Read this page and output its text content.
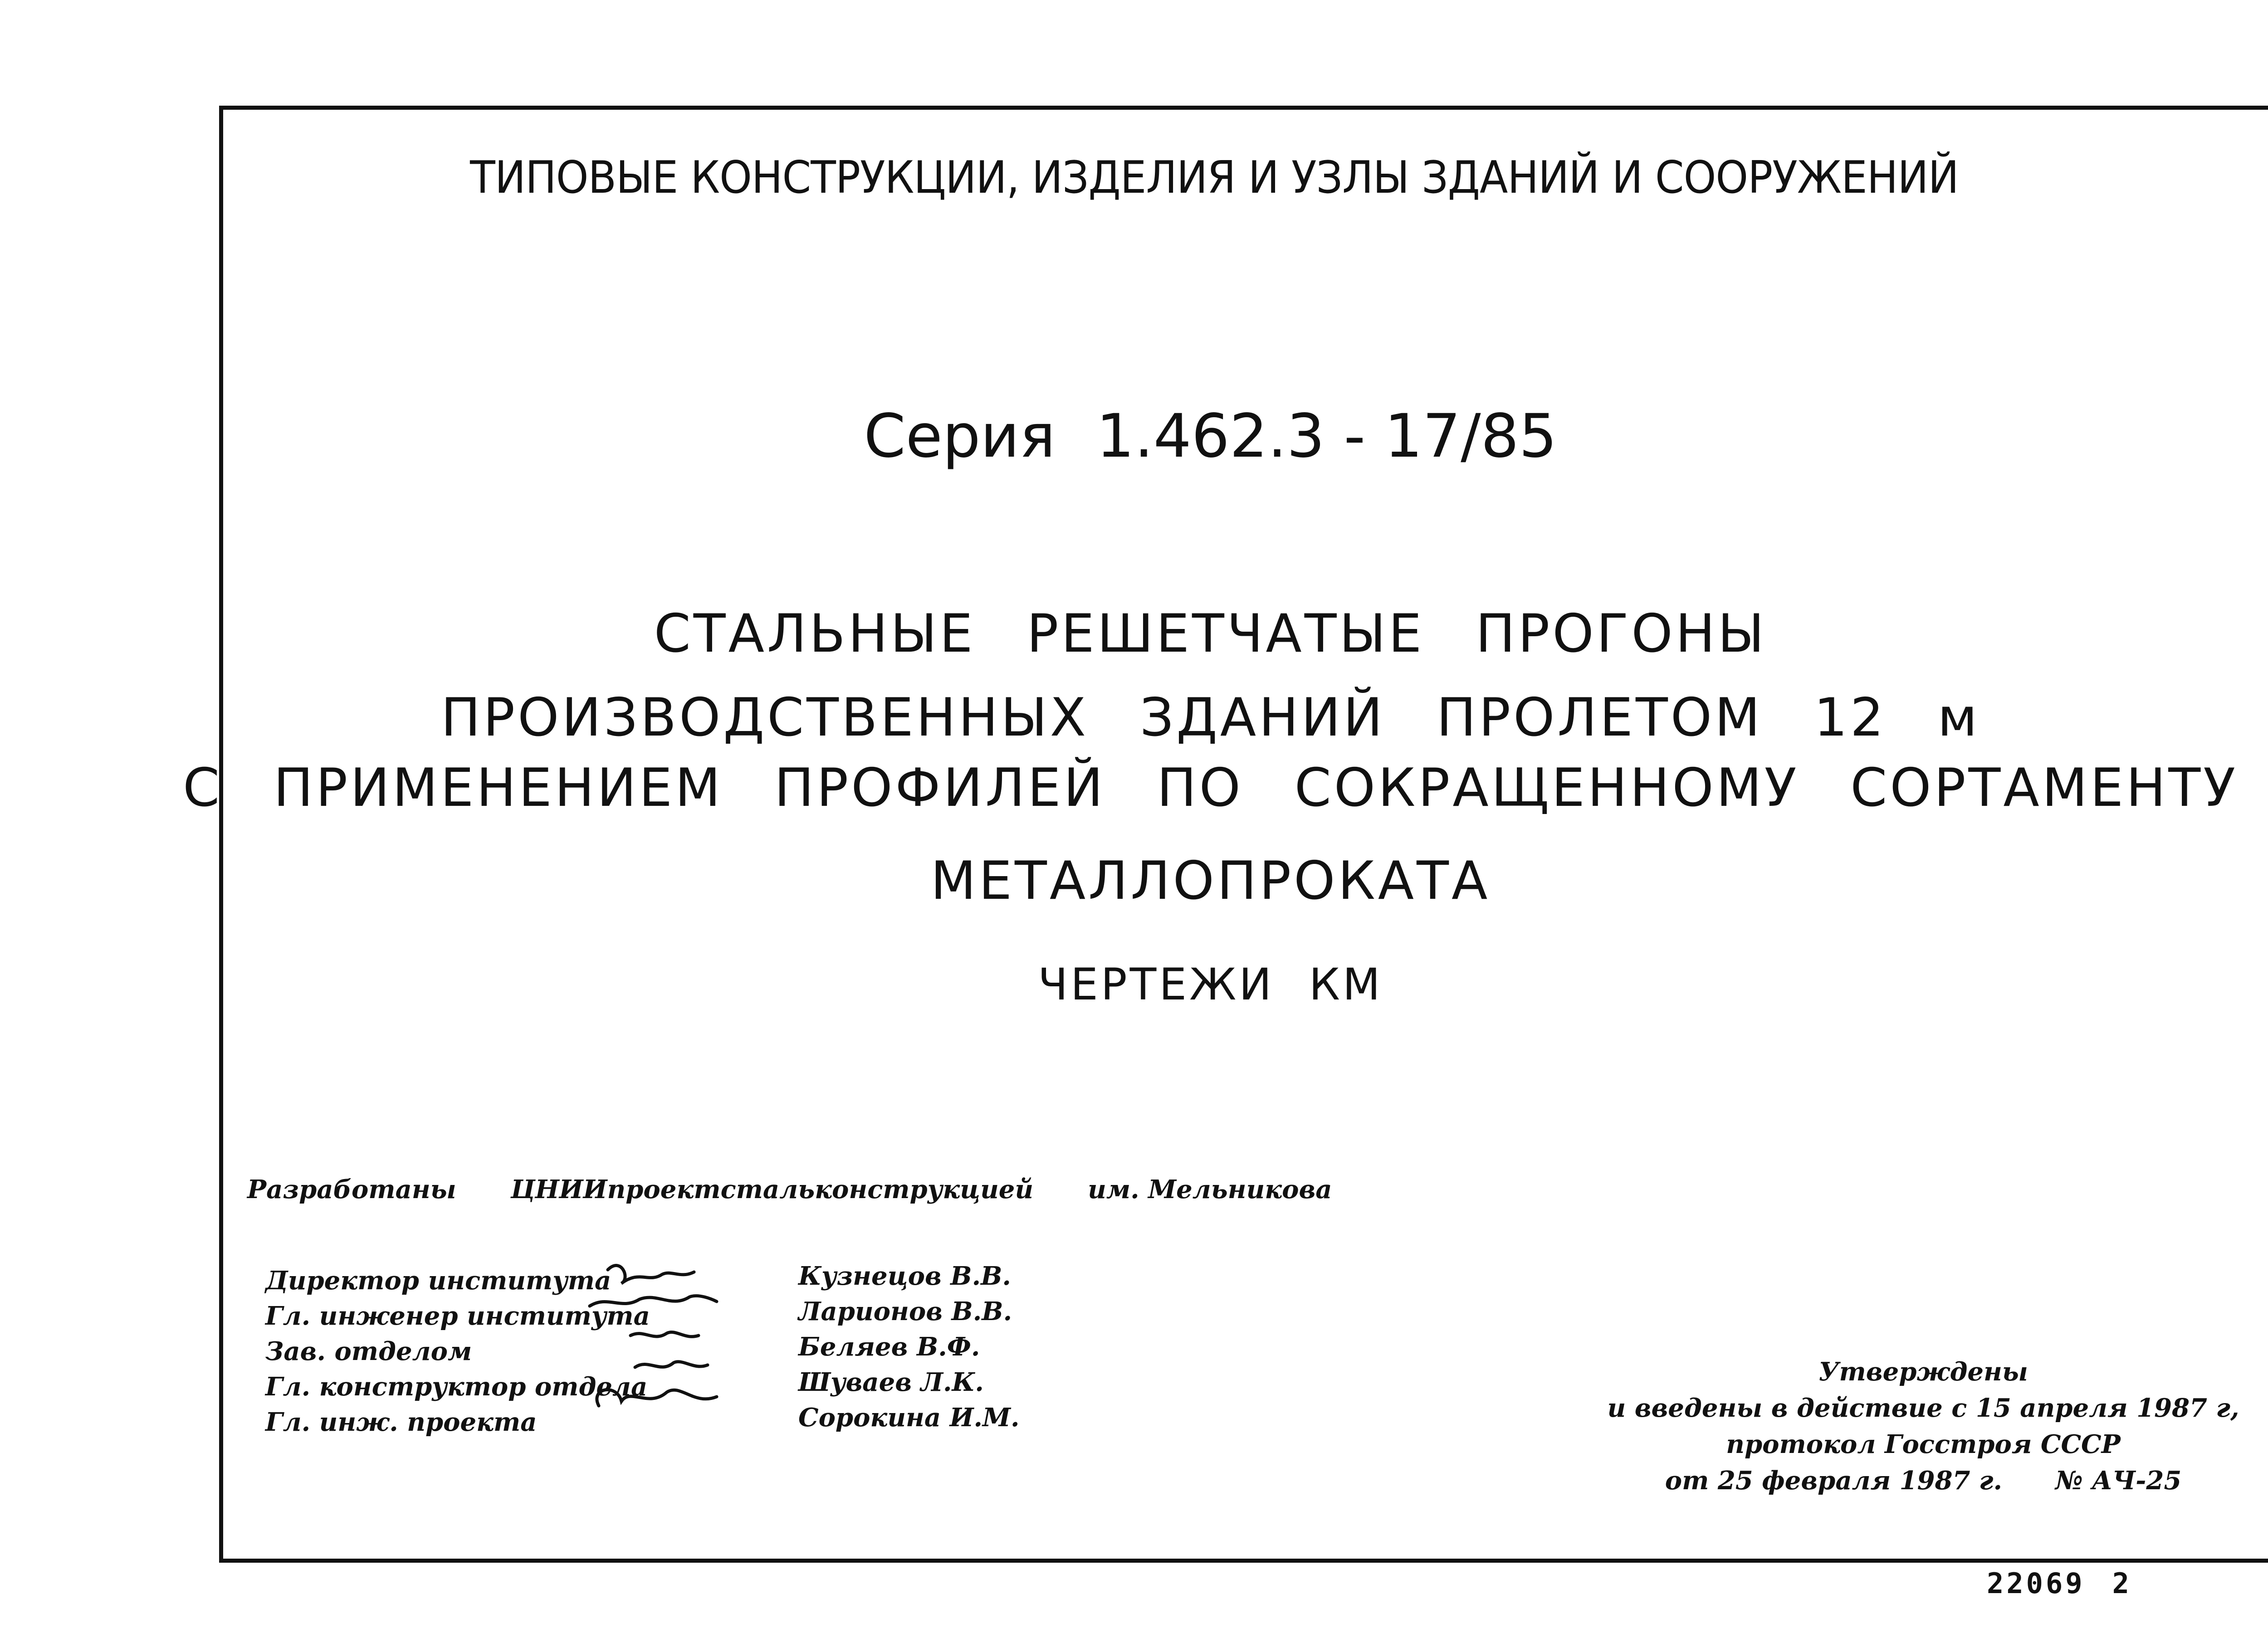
ТИПОВЫЕ КОНСТРУКЦИИ, ИЗДЕЛИЯ И УЗЛЫ ЗДАНИЙ И СООРУЖЕНИЙ
Серия 1.462.3 - 17/85
СТАЛЬНЫЕ РЕШЕТЧАТЫЕ ПРОГОНЫ
ПРОИЗВОДСТВЕННЫХ ЗДАНИЙ ПРОЛЕТОМ 12 м
С ПРИМЕНЕНИЕМ ПРОФИЛЕЙ ПО СОКРАЩЕННОМУ СОРТАМЕНТУ
МЕТАЛЛОПРОКАТА
ЧЕРТЕЖИ КМ
Разработаны ЦНИИпроектстальконструкцией им. Мельникова
Директор института
Гл. инженер института
Зав. отделом
Гл. конструктор отдела
Гл. инж. проекта
Кузнецов В.В.
Ларионов В.В.
Беляев В.Ф.
Шуваев Л.К.
Сорокина И.М.
Утверждены
и введены в действие с 15 апреля 1987 г,
протокол Госстроя СССР
от 25 февраля 1987 г. № АЧ-25
22069 2
